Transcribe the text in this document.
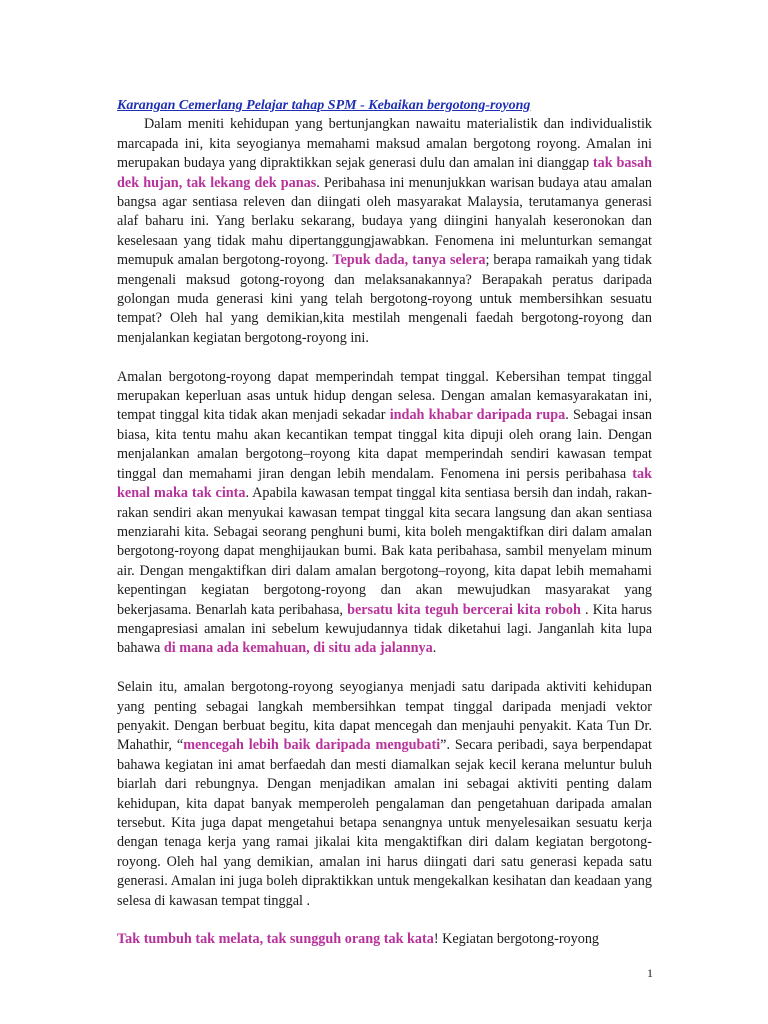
Karangan Cemerlang Pelajar tahap SPM - Kebaikan bergotong-royong

Dalam meniti kehidupan yang bertunjangkan nawaitu materialistik dan individualistik marcapada ini, kita seyogianya memahami maksud amalan bergotong royong. Amalan ini merupakan budaya yang dipraktikkan sejak generasi dulu dan amalan ini dianggap tak basah dek hujan, tak lekang dek panas. Peribahasa ini menunjukkan warisan budaya atau amalan bangsa agar sentiasa releven dan diingati oleh masyarakat Malaysia, terutamanya generasi alaf baharu ini. Yang berlaku sekarang, budaya yang diingini hanyalah keseronokan dan keselesaan yang tidak mahu dipertanggungjawabkan. Fenomena ini melunturkan semangat memupuk amalan bergotong-royong. Tepuk dada, tanya selera; berapa ramaikah yang tidak mengenali maksud gotong-royong dan melaksanakannya? Berapakah peratus daripada golongan muda generasi kini yang telah bergotong-royong untuk membersihkan sesuatu tempat? Oleh hal yang demikian,kita mestilah mengenali faedah bergotong-royong dan menjalankan kegiatan bergotong-royong ini.

Amalan bergotong-royong dapat memperindah tempat tinggal. Kebersihan tempat tinggal merupakan keperluan asas untuk hidup dengan selesa. Dengan amalan kemasyarakatan ini, tempat tinggal kita tidak akan menjadi sekadar indah khabar daripada rupa. Sebagai insan biasa, kita tentu mahu akan kecantikan tempat tinggal kita dipuji oleh orang lain. Dengan menjalankan amalan bergotong–royong kita dapat memperindah sendiri kawasan tempat tinggal dan memahami jiran dengan lebih mendalam. Fenomena ini persis peribahasa tak kenal maka tak cinta. Apabila kawasan tempat tinggal kita sentiasa bersih dan indah, rakan-rakan sendiri akan menyukai kawasan tempat tinggal kita secara langsung dan akan sentiasa menziarahi kita. Sebagai seorang penghuni bumi, kita boleh mengaktifkan diri dalam amalan bergotong-royong dapat menghijaukan bumi. Bak kata peribahasa, sambil menyelam minum air. Dengan mengaktifkan diri dalam amalan bergotong–royong, kita dapat lebih memahami kepentingan kegiatan bergotong-royong dan akan mewujudkan masyarakat yang bekerjasama. Benarlah kata peribahasa, bersatu kita teguh bercerai kita roboh . Kita harus mengapresiasi amalan ini sebelum kewujudannya tidak diketahui lagi. Janganlah kita lupa bahawa di mana ada kemahuan, di situ ada jalannya.

Selain itu, amalan bergotong-royong seyogianya menjadi satu daripada aktiviti kehidupan yang penting sebagai langkah membersihkan tempat tinggal daripada menjadi vektor penyakit. Dengan berbuat begitu, kita dapat mencegah dan menjauhi penyakit. Kata Tun Dr. Mahathir, “mencegah lebih baik daripada mengubati”. Secara peribadi, saya berpendapat bahawa kegiatan ini amat berfaedah dan mesti diamalkan sejak kecil kerana meluntur buluh biarlah dari rebungnya. Dengan menjadikan amalan ini sebagai aktiviti penting dalam kehidupan, kita dapat banyak memperoleh pengalaman dan pengetahuan daripada amalan tersebut. Kita juga dapat mengetahui betapa senangnya untuk menyelesaikan sesuatu kerja dengan tenaga kerja yang ramai jikalai kita mengaktifkan diri dalam kegiatan bergotong-royong. Oleh hal yang demikian, amalan ini harus diingati dari satu generasi kepada satu generasi. Amalan ini juga boleh dipraktikkan untuk mengekalkan kesihatan dan keadaan yang selesa di kawasan tempat tinggal .

Tak tumbuh tak melata, tak sungguh orang tak kata! Kegiatan bergotong-royong

1
